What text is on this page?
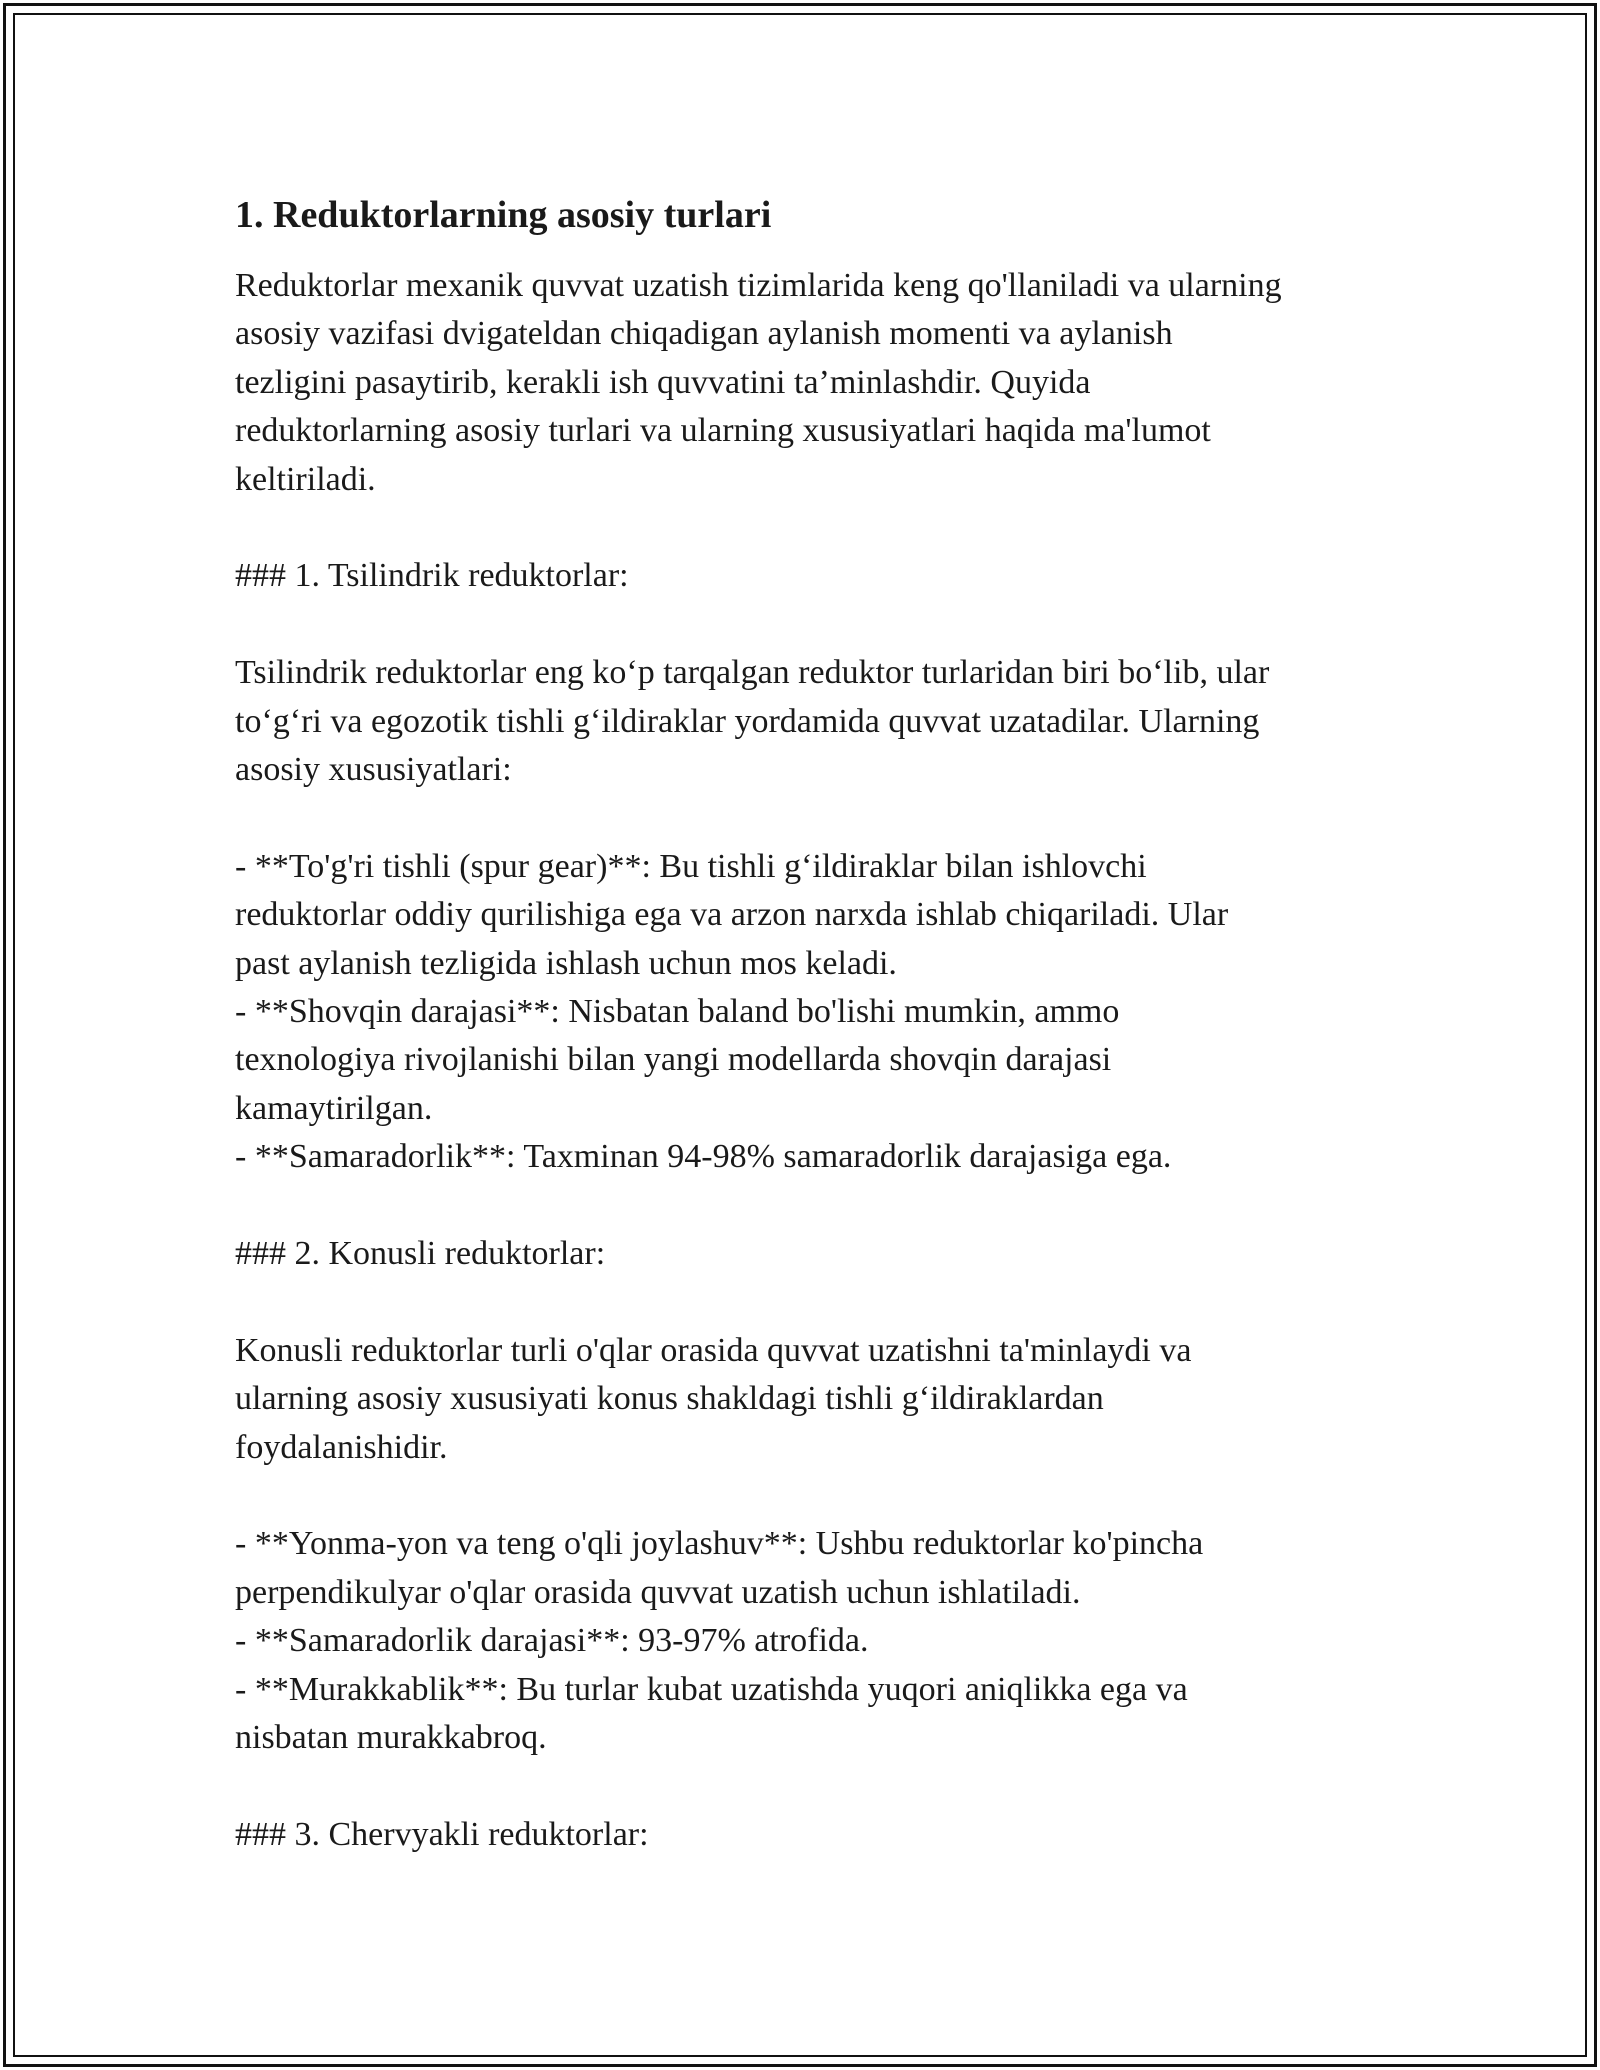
1. Reduktorlarning asosiy turlari
Reduktorlar mexanik quvvat uzatish tizimlarida keng qo'llaniladi va ularning
asosiy vazifasi dvigateldan chiqadigan aylanish momenti va aylanish
tezligini pasaytirib, kerakli ish quvvatini ta’minlashdir. Quyida
reduktorlarning asosiy turlari va ularning xususiyatlari haqida ma'lumot
keltiriladi.
### 1. Tsilindrik reduktorlar:
Tsilindrik reduktorlar eng ko‘p tarqalgan reduktor turlaridan biri bo‘lib, ular
to‘g‘ri va egozotik tishli g‘ildiraklar yordamida quvvat uzatadilar. Ularning
asosiy xususiyatlari:
- **To'g'ri tishli (spur gear)**: Bu tishli g‘ildiraklar bilan ishlovchi
reduktorlar oddiy qurilishiga ega va arzon narxda ishlab chiqariladi. Ular
past aylanish tezligida ishlash uchun mos keladi.
- **Shovqin darajasi**: Nisbatan baland bo'lishi mumkin, ammo
texnologiya rivojlanishi bilan yangi modellarda shovqin darajasi
kamaytirilgan.
- **Samaradorlik**: Taxminan 94-98% samaradorlik darajasiga ega.
### 2. Konusli reduktorlar:
Konusli reduktorlar turli o'qlar orasida quvvat uzatishni ta'minlaydi va
ularning asosiy xususiyati konus shakldagi tishli g‘ildiraklardan
foydalanishidir.
- **Yonma-yon va teng o'qli joylashuv**: Ushbu reduktorlar ko'pincha
perpendikulyar o'qlar orasida quvvat uzatish uchun ishlatiladi.
- **Samaradorlik darajasi**: 93-97% atrofida.
- **Murakkablik**: Bu turlar kubat uzatishda yuqori aniqlikka ega va
nisbatan murakkabroq.
### 3. Chervyakli reduktorlar:
